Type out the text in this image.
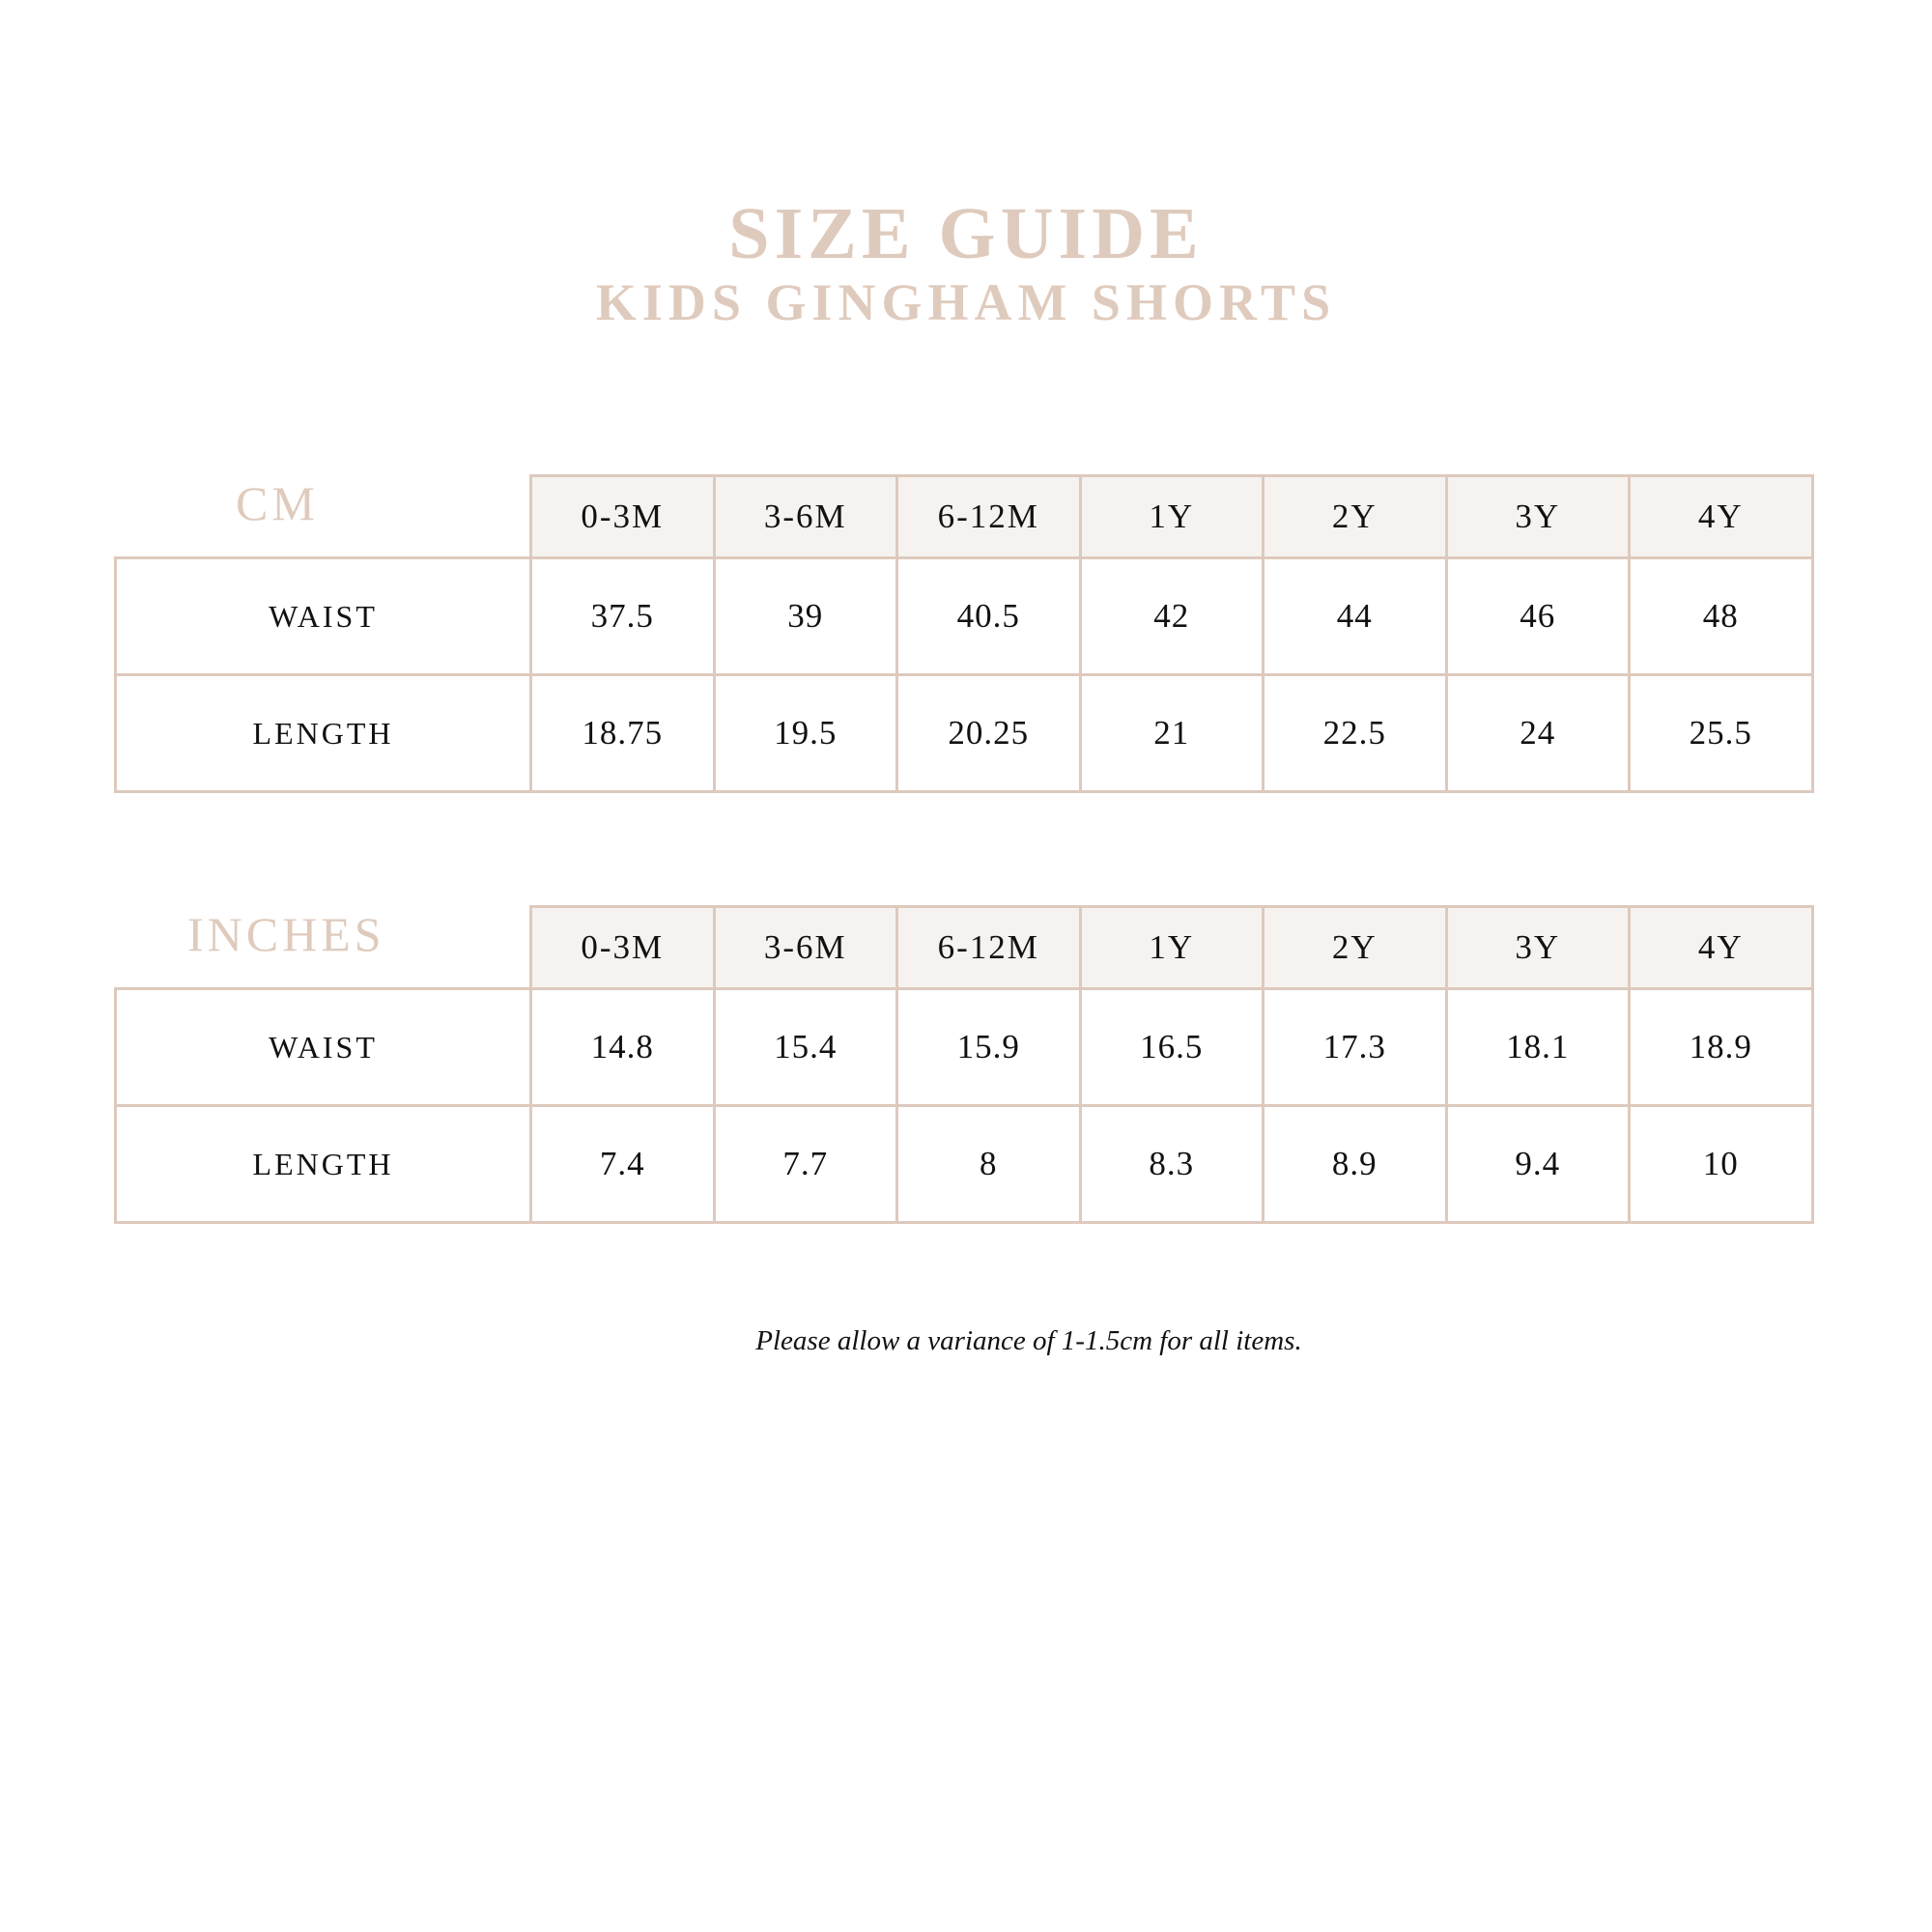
SIZE GUIDE
KIDS GINGHAM SHORTS
CM	0-3M	3-6M	6-12M	1Y	2Y	3Y	4Y
WAIST	37.5	39	40.5	42	44	46	48
LENGTH	18.75	19.5	20.25	21	22.5	24	25.5
INCHES	0-3M	3-6M	6-12M	1Y	2Y	3Y	4Y
WAIST	14.8	15.4	15.9	16.5	17.3	18.1	18.9
LENGTH	7.4	7.7	8	8.3	8.9	9.4	10
Please allow a variance of 1-1.5cm for all items.
